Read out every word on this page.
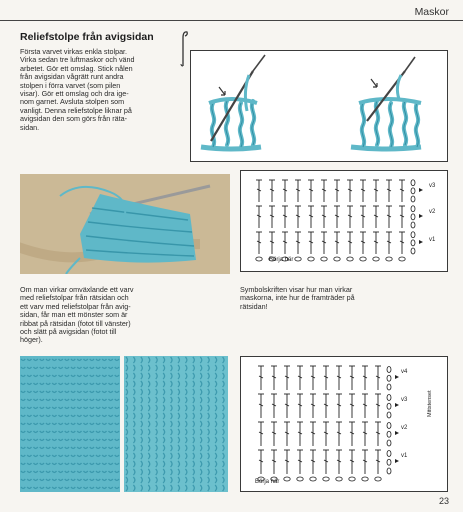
Maskor
Reliefstolpe från avigsidan
Första varvet virkas enkla stolpar.
Virka sedan tre luftmaskor och vänd
arbetet. Gör ett omslag. Stick nålen
från avigsidan vågrätt runt andra
stolpen i förra varvet (som pilen
visar). Gör ett omslag och dra ige-
nom garnet. Avsluta stolpen som
vanligt. Denna reliefstolpe liknar på
avigsidan den som görs från räta-
sidan.
Börja här
v3
v2
v1
Om man virkar omväxlande ett varv
med reliefstolpar från rätsidan och
ett varv med reliefstolpar från avig-
sidan, får man ett mönster som är
ribbat på rätsidan (fotot till vänster)
och slätt på avigsidan (fotot till
höger).
Symbolskriften visar hur man virkar
maskorna, inte hur de framträder på
rätsidan!
Börja här
v4
v3
v2
v1
Mittstenset
23
